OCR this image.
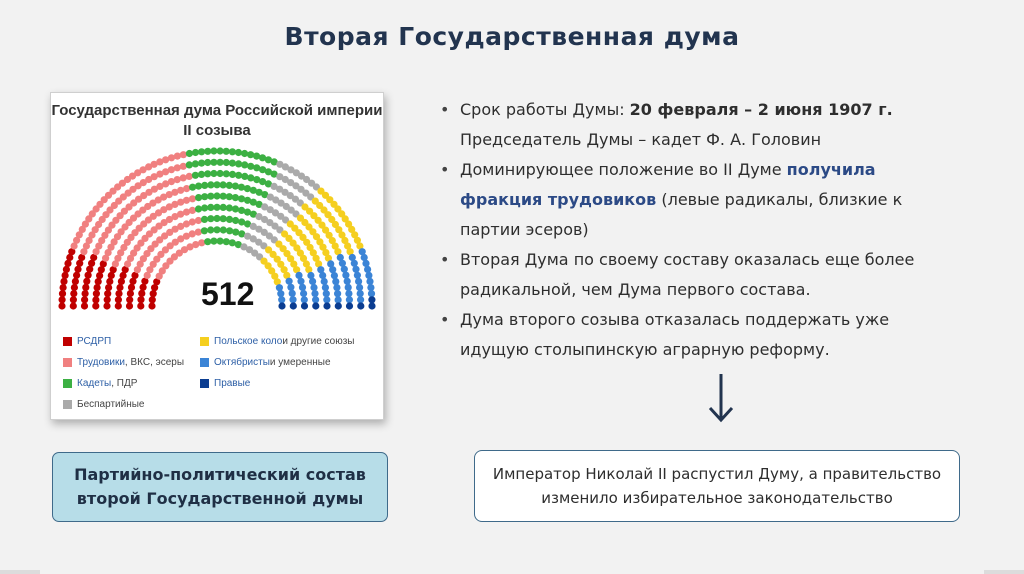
Вторая Государственная дума
Государственная дума Российской империи II созыва
512
РСДРП
Трудовики , ВКС, эсеры
Кадеты , ПДР
Беспартийные
Польское коло и другие союзы
Октябристы и умеренные
Правые
• Срок работы Думы: 20 февраля – 2 июня 1907 г. Председатель Думы – кадет Ф. А. Головин
• Доминирующее положение во II Думе получила фракция трудовиков (левые радикалы, близкие к партии эсеров)
• Вторая Дума по своему составу оказалась еще более радикальной, чем Дума первого состава.
• Дума второго созыва отказалась поддержать уже идущую столыпинскую аграрную реформу.
Партийно-политический состав второй Государственной думы
Император Николай II распустил Думу, а правительство изменило избирательное законодательство
